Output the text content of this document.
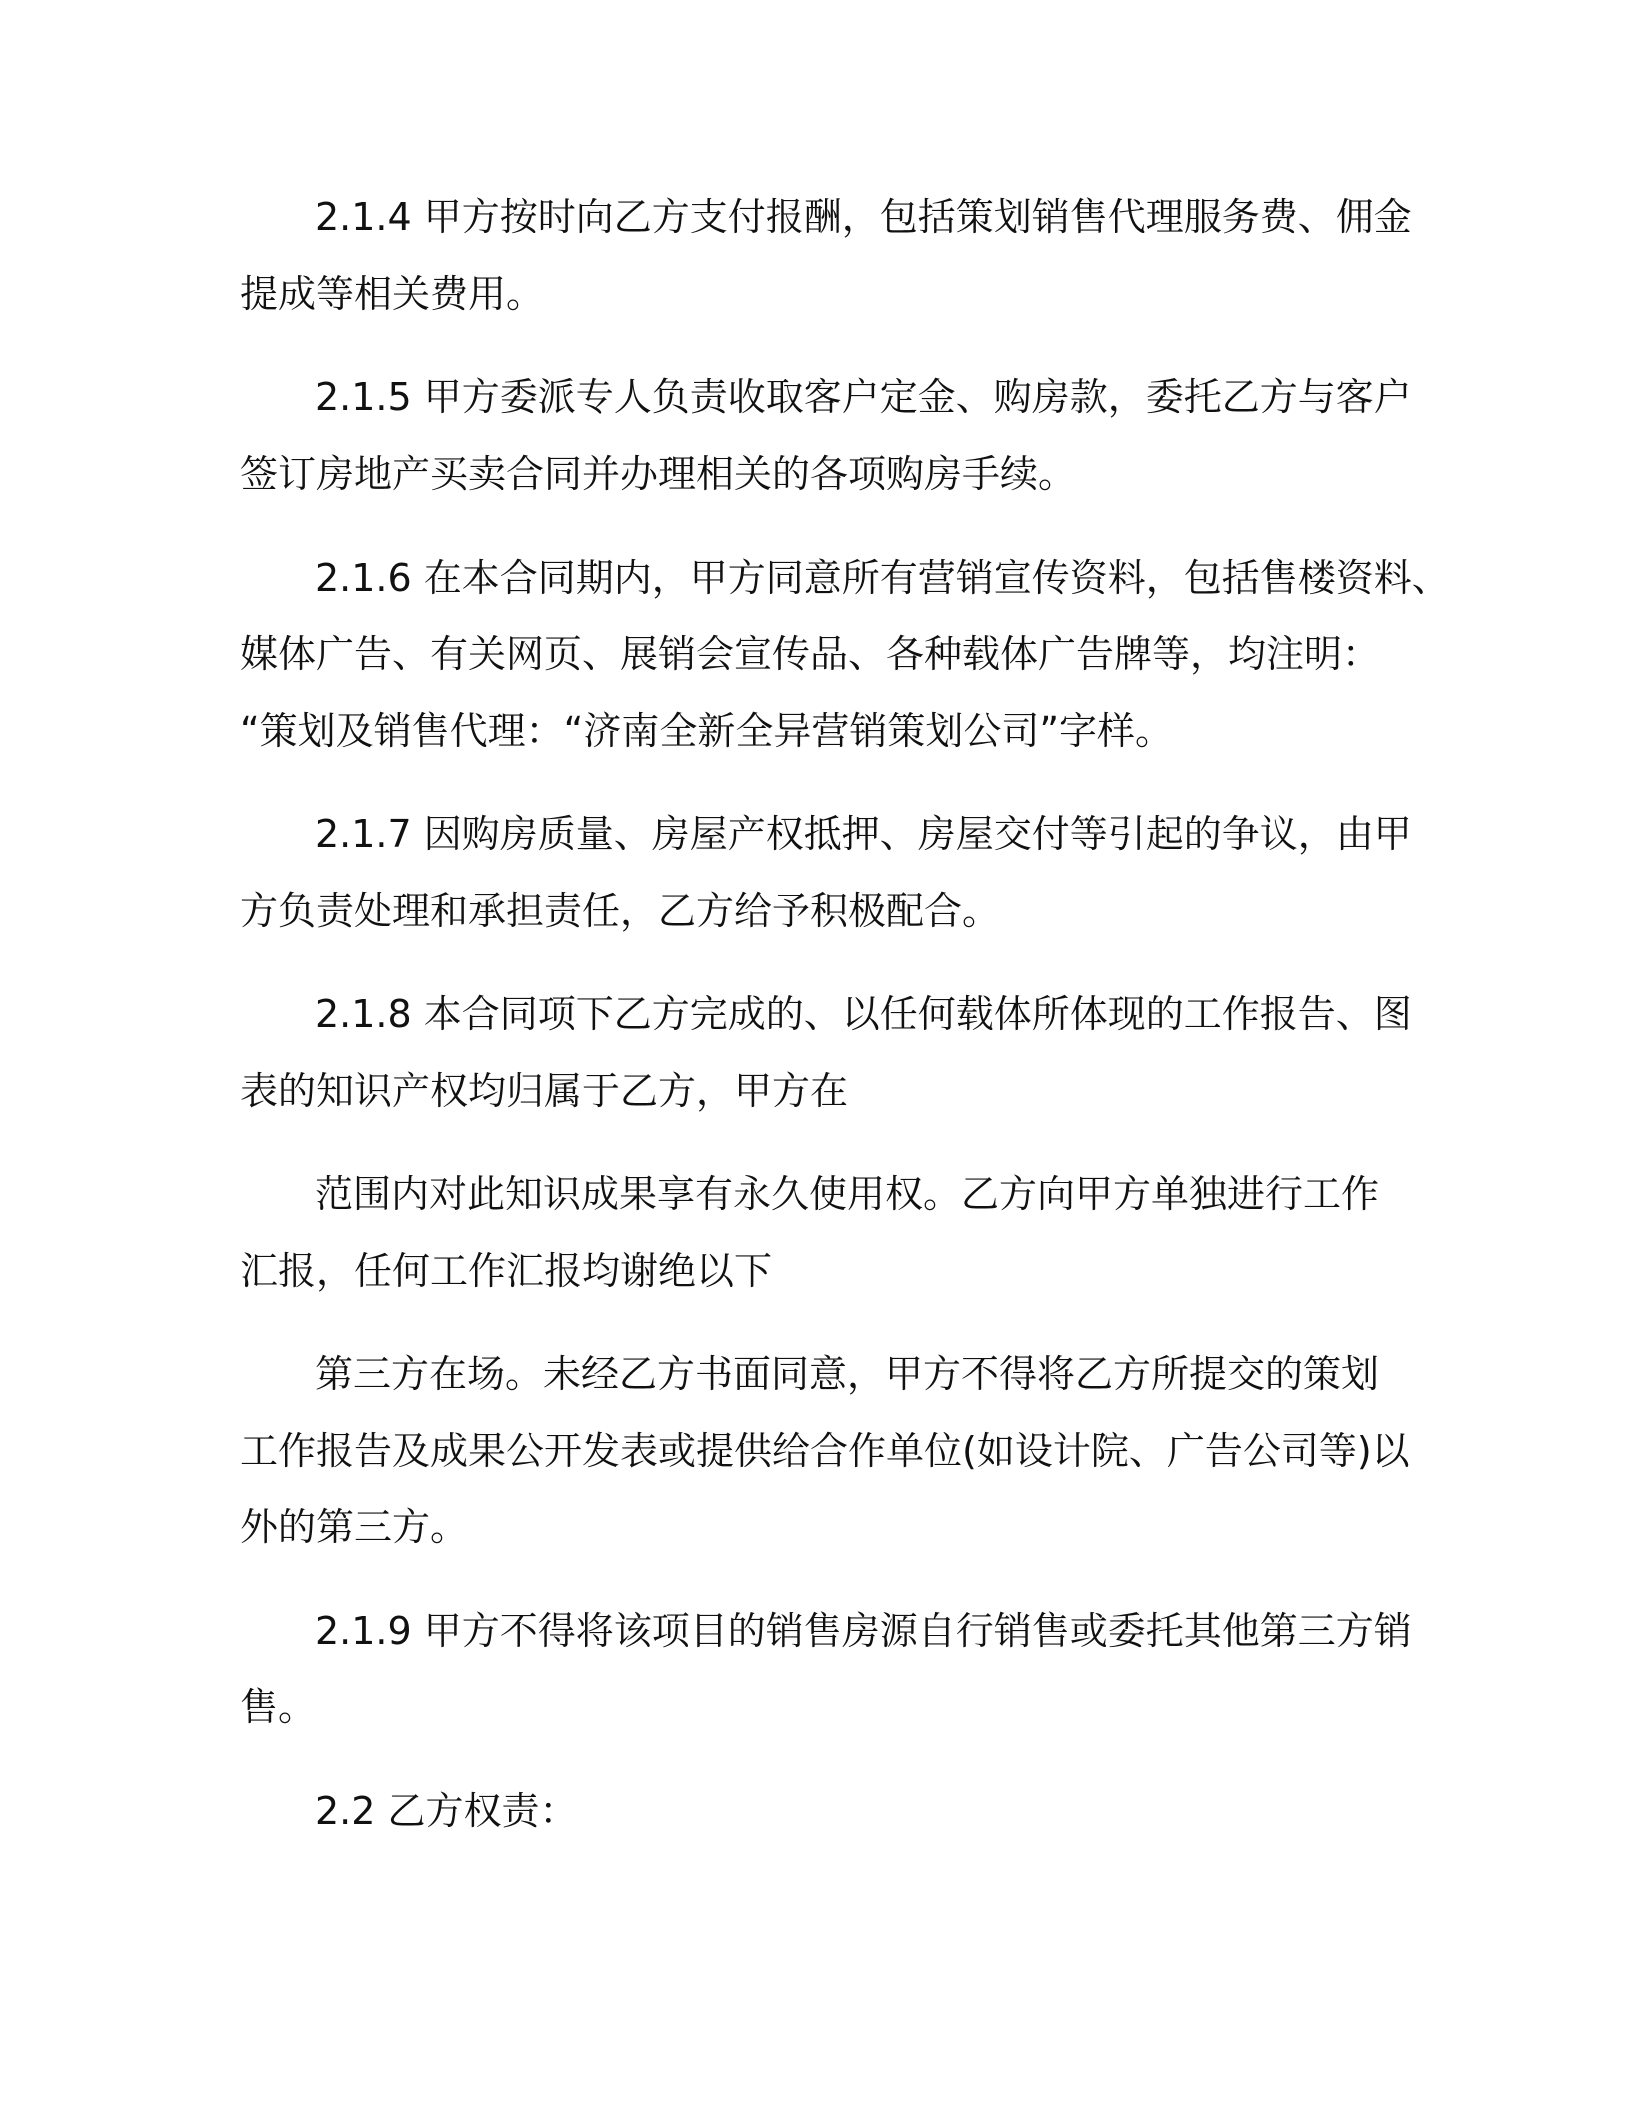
2.1.4 甲方按时向乙方支付报酬，包括策划销售代理服务费、佣金

提成等相关费用。

2.1.5 甲方委派专人负责收取客户定金、购房款，委托乙方与客户

签订房地产买卖合同并办理相关的各项购房手续。

2.1.6 在本合同期内，甲方同意所有营销宣传资料，包括售楼资料、

媒体广告、有关网页、展销会宣传品、各种载体广告牌等，均注明：

“策划及销售代理：“济南全新全异营销策划公司”字样。

2.1.7 因购房质量、房屋产权抵押、房屋交付等引起的争议，由甲

方负责处理和承担责任，乙方给予积极配合。

2.1.8 本合同项下乙方完成的、以任何载体所体现的工作报告、图

表的知识产权均归属于乙方，甲方在

范围内对此知识成果享有永久使用权。乙方向甲方单独进行工作

汇报，任何工作汇报均谢绝以下

第三方在场。未经乙方书面同意，甲方不得将乙方所提交的策划

工作报告及成果公开发表或提供给合作单位(如设计院、广告公司等)以

外的第三方。

2.1.9 甲方不得将该项目的销售房源自行销售或委托其他第三方销

售。

2.2 乙方权责：
